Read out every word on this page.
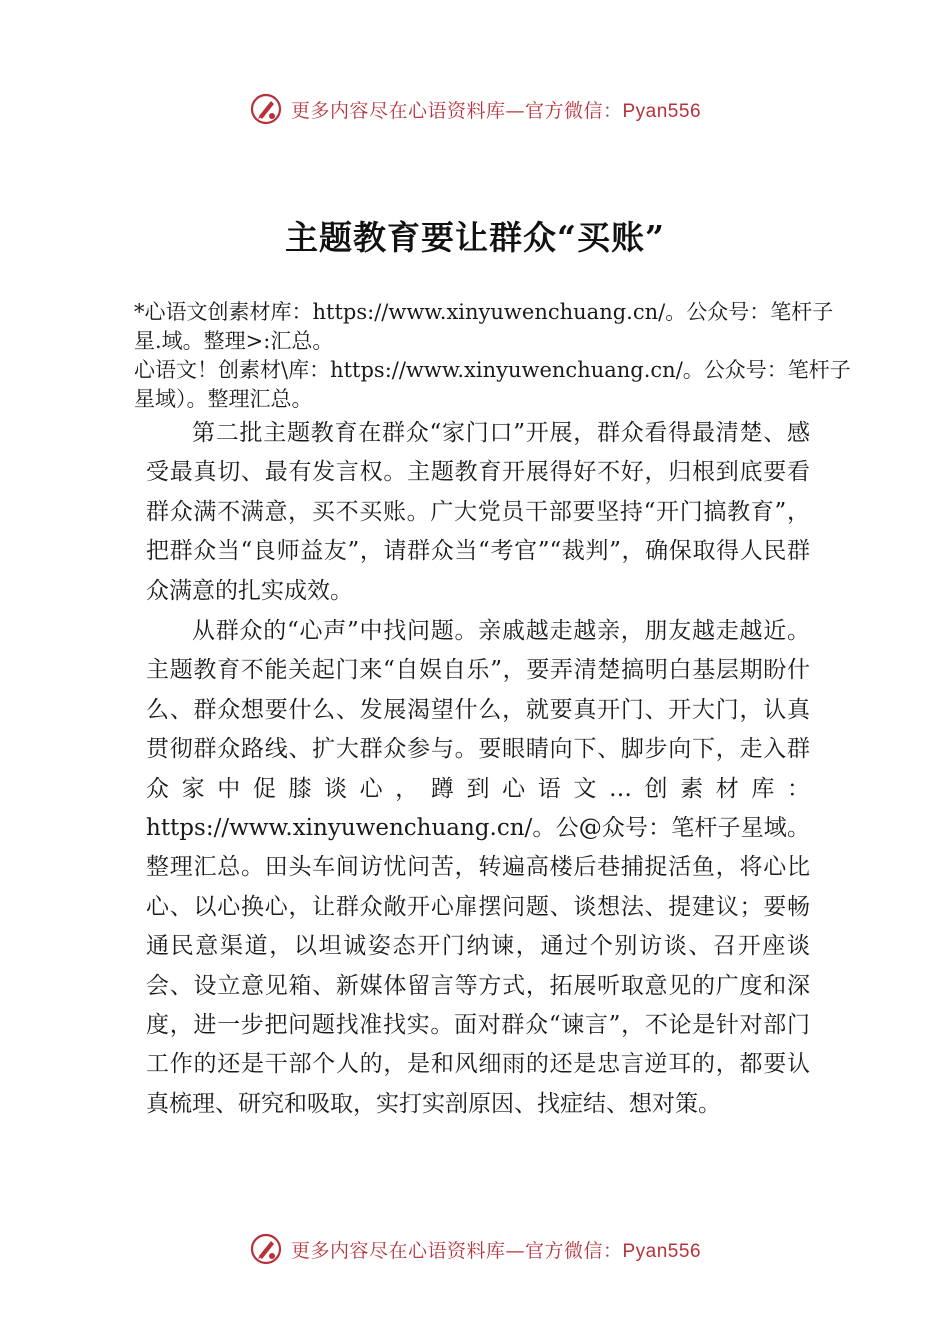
更多内容尽在心语资料库—官方微信：Pyan556
主题教育要让群众“买账”
*心语文创素材库：https://www.xinyuwenchuang.cn/。公众号：笔杆子星.域。整理>:汇总。
心语文！创素材\库：https://www.xinyuwenchuang.cn/。公众号：笔杆子星域）。整理汇总。
第二批主题教育在群众“家门口”开展，群众看得最清楚、感受最真切、最有发言权。主题教育开展得好不好，归根到底要看群众满不满意，买不买账。广大党员干部要坚持“开门搞教育”，把群众当“良师益友”，请群众当“考官”“裁判”，确保取得人民群众满意的扎实成效。
从群众的“心声”中找问题。亲戚越走越亲，朋友越走越近。主题教育不能关起门来“自娱自乐”，要弄清楚搞明白基层期盼什么、群众想要什么、发展渴望什么，就要真开门、开大门，认真贯彻群众路线、扩大群众参与。要眼睛向下、脚步向下，走入群众家中促膝谈心，蹲到心语文…创素材库：https://www.xinyuwenchuang.cn/。公@众号：笔杆子星域。整理汇总。田头车间访忧问苦，转遍高楼后巷捕捉活鱼，将心比心、以心换心，让群众敞开心扉摆问题、谈想法、提建议；要畅通民意渠道，以坦诚姿态开门纳谏，通过个别访谈、召开座谈会、设立意见箱、新媒体留言等方式，拓展听取意见的广度和深度，进一步把问题找准找实。面对群众“谏言”，不论是针对部门工作的还是干部个人的，是和风细雨的还是忠言逆耳的，都要认真梳理、研究和吸取，实打实剖原因、找症结、想对策。
更多内容尽在心语资料库—官方微信：Pyan556
